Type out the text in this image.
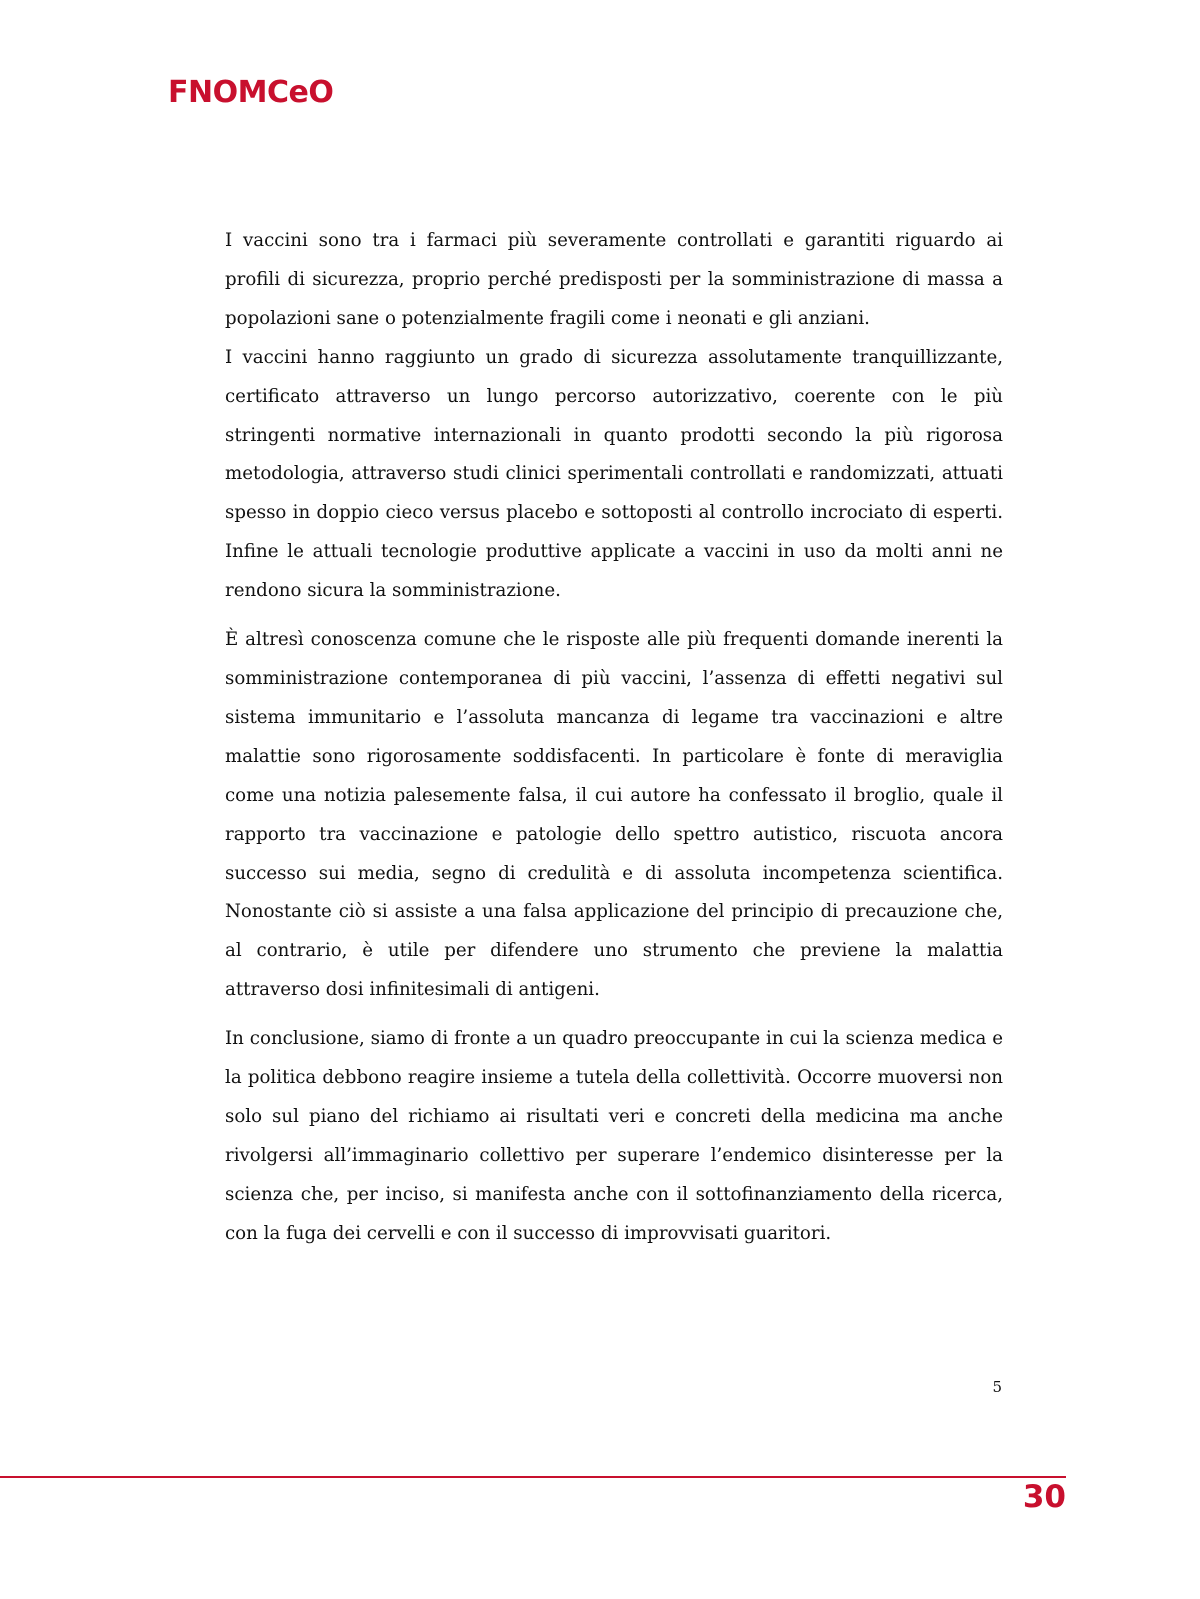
FNOMCeO

I vaccini sono tra i farmaci più severamente controllati e garantiti riguardo ai profili di sicurezza, proprio perché predisposti per la somministrazione di massa a popolazioni sane o potenzialmente fragili come i neonati e gli anziani.

I vaccini hanno raggiunto un grado di sicurezza assolutamente tranquillizzante, certificato attraverso un lungo percorso autorizzativo, coerente con le più stringenti normative internazionali in quanto prodotti secondo la più rigorosa metodologia, attraverso studi clinici sperimentali controllati e randomizzati, attuati spesso in doppio cieco versus placebo e sottoposti al controllo incrociato di esperti. Infine le attuali tecnologie produttive applicate a vaccini in uso da molti anni ne rendono sicura la somministrazione.

È altresì conoscenza comune che le risposte alle più frequenti domande inerenti la somministrazione contemporanea di più vaccini, l’assenza di effetti negativi sul sistema immunitario e l’assoluta mancanza di legame tra vaccinazioni e altre malattie sono rigorosamente soddisfacenti. In particolare è fonte di meraviglia come una notizia palesemente falsa, il cui autore ha confessato il broglio, quale il rapporto tra vaccinazione e patologie dello spettro autistico, riscuota ancora successo sui media, segno di credulità e di assoluta incompetenza scientifica. Nonostante ciò si assiste a una falsa applicazione del principio di precauzione che, al contrario, è utile per difendere uno strumento che previene la malattia attraverso dosi infinitesimali di antigeni.

In conclusione, siamo di fronte a un quadro preoccupante in cui la scienza medica e la politica debbono reagire insieme a tutela della collettività. Occorre muoversi non solo sul piano del richiamo ai risultati veri e concreti della medicina ma anche rivolgersi all’immaginario collettivo per superare l’endemico disinteresse per la scienza che, per inciso, si manifesta anche con il sottofinanziamento della ricerca, con la fuga dei cervelli e con il successo di improvvisati guaritori.

5
30
